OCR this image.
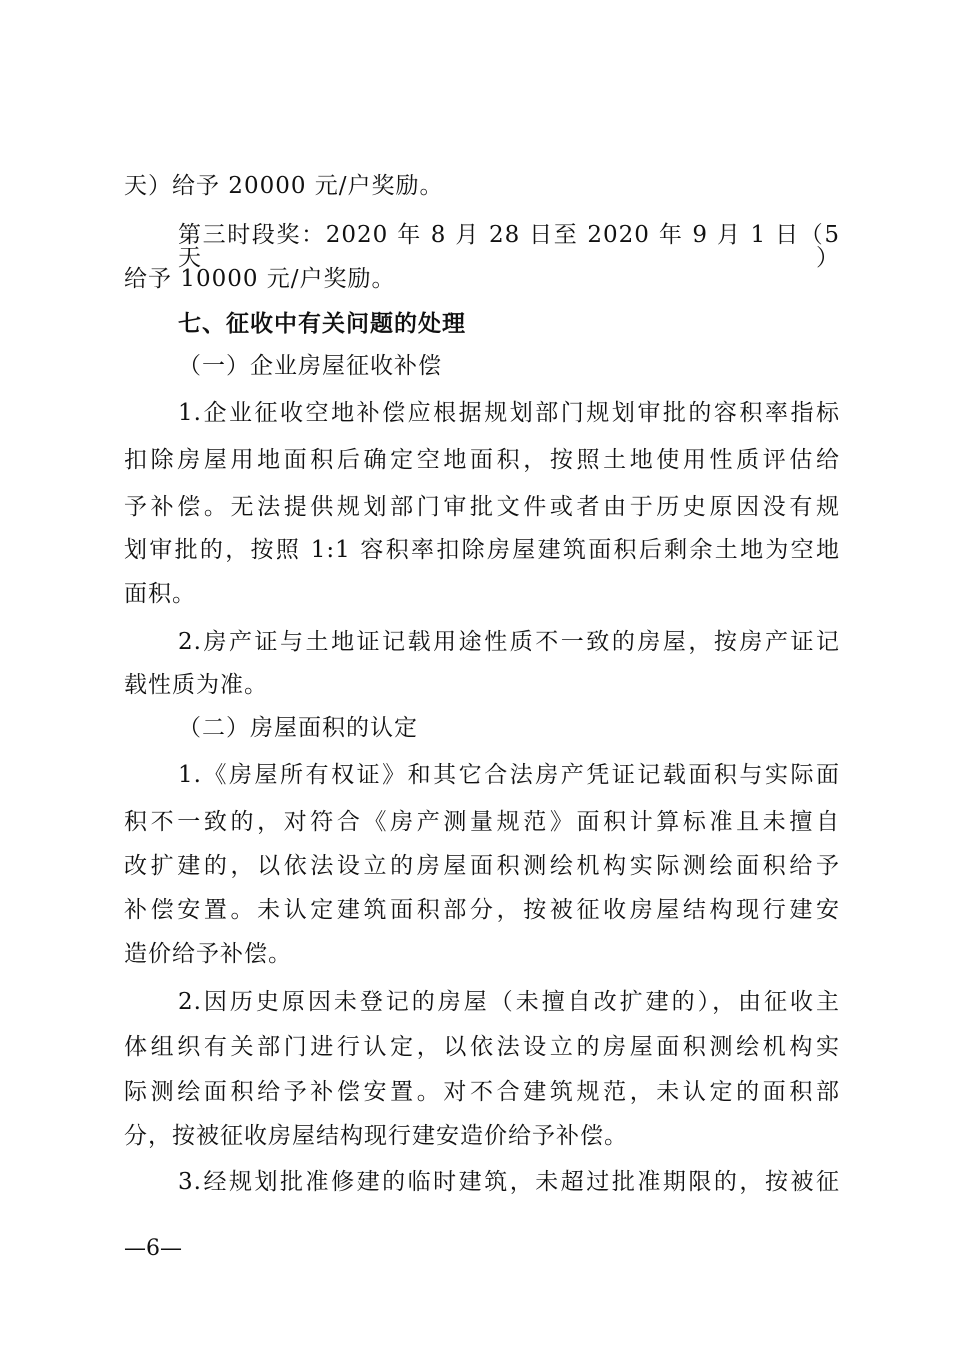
天）给予 20000 元/户奖励。
第三时段奖：2020 年 8 月 28 日至 2020 年 9 月 1 日（5 天）
给予 10000 元/户奖励。
七、征收中有关问题的处理
（一）企业房屋征收补偿
1.企业征收空地补偿应根据规划部门规划审批的容积率指标
扣除房屋用地面积后确定空地面积，按照土地使用性质评估给
予补偿。无法提供规划部门审批文件或者由于历史原因没有规
划审批的，按照 1:1 容积率扣除房屋建筑面积后剩余土地为空地
面积。
2.房产证与土地证记载用途性质不一致的房屋，按房产证记
载性质为准。
（二）房屋面积的认定
1.《房屋所有权证》和其它合法房产凭证记载面积与实际面
积不一致的，对符合《房产测量规范》面积计算标准且未擅自
改扩建的，以依法设立的房屋面积测绘机构实际测绘面积给予
补偿安置。未认定建筑面积部分，按被征收房屋结构现行建安
造价给予补偿。
2.因历史原因未登记的房屋（未擅自改扩建的），由征收主
体组织有关部门进行认定，以依法设立的房屋面积测绘机构实
际测绘面积给予补偿安置。对不合建筑规范，未认定的面积部
分，按被征收房屋结构现行建安造价给予补偿。
3.经规划批准修建的临时建筑，未超过批准期限的，按被征
—6—
